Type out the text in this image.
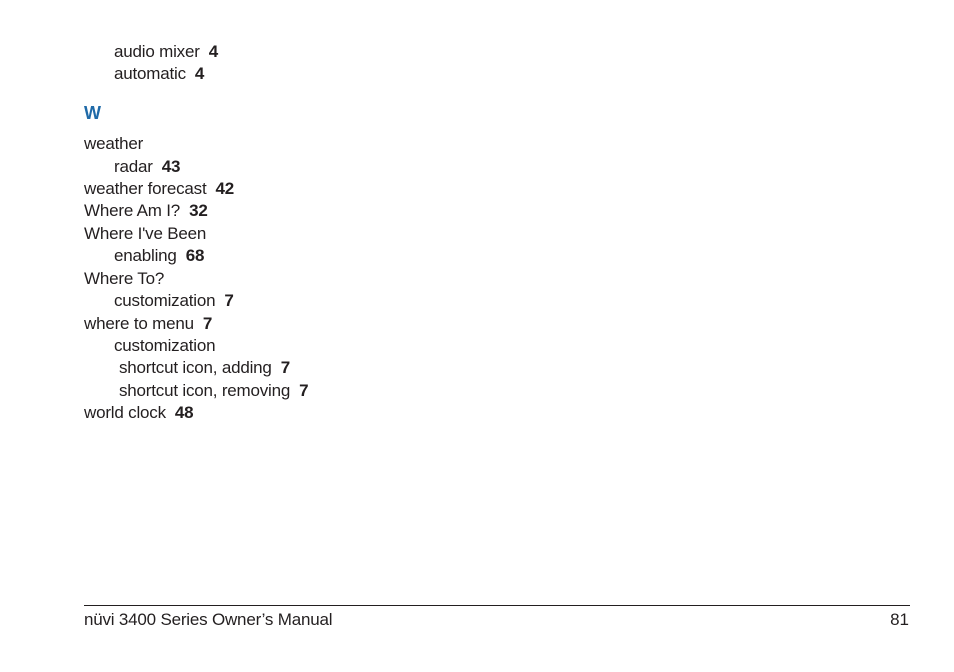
audio mixer 4
automatic 4
W
weather
radar 43
weather forecast 42
Where Am I? 32
Where I've Been
enabling 68
Where To?
customization 7
where to menu 7
customization
shortcut icon, adding 7
shortcut icon, removing 7
world clock 48
nüvi 3400 Series Owner’s Manual	81
